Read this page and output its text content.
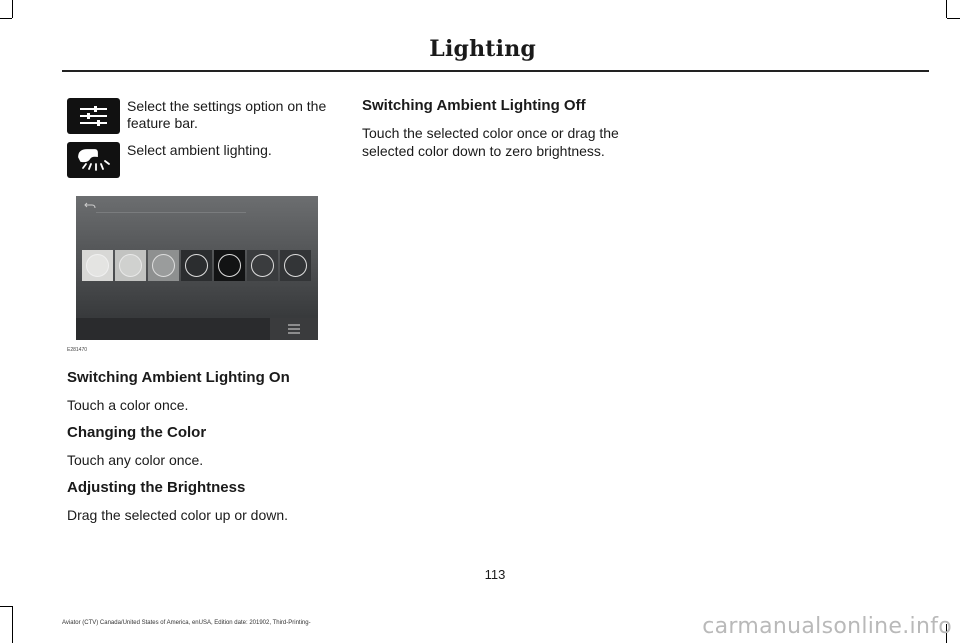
Lighting
Select the settings option on the feature bar.
Select ambient lighting.
E281470
Switching Ambient Lighting On
Touch a color once.
Changing the Color
Touch any color once.
Adjusting the Brightness
Drag the selected color up or down.
Switching Ambient Lighting Off
Touch the selected color once or drag the selected color down to zero brightness.
113
Aviator (CTV) Canada/United States of America, enUSA, Edition date: 201902, Third-Printing-	carmanualsonline.info
